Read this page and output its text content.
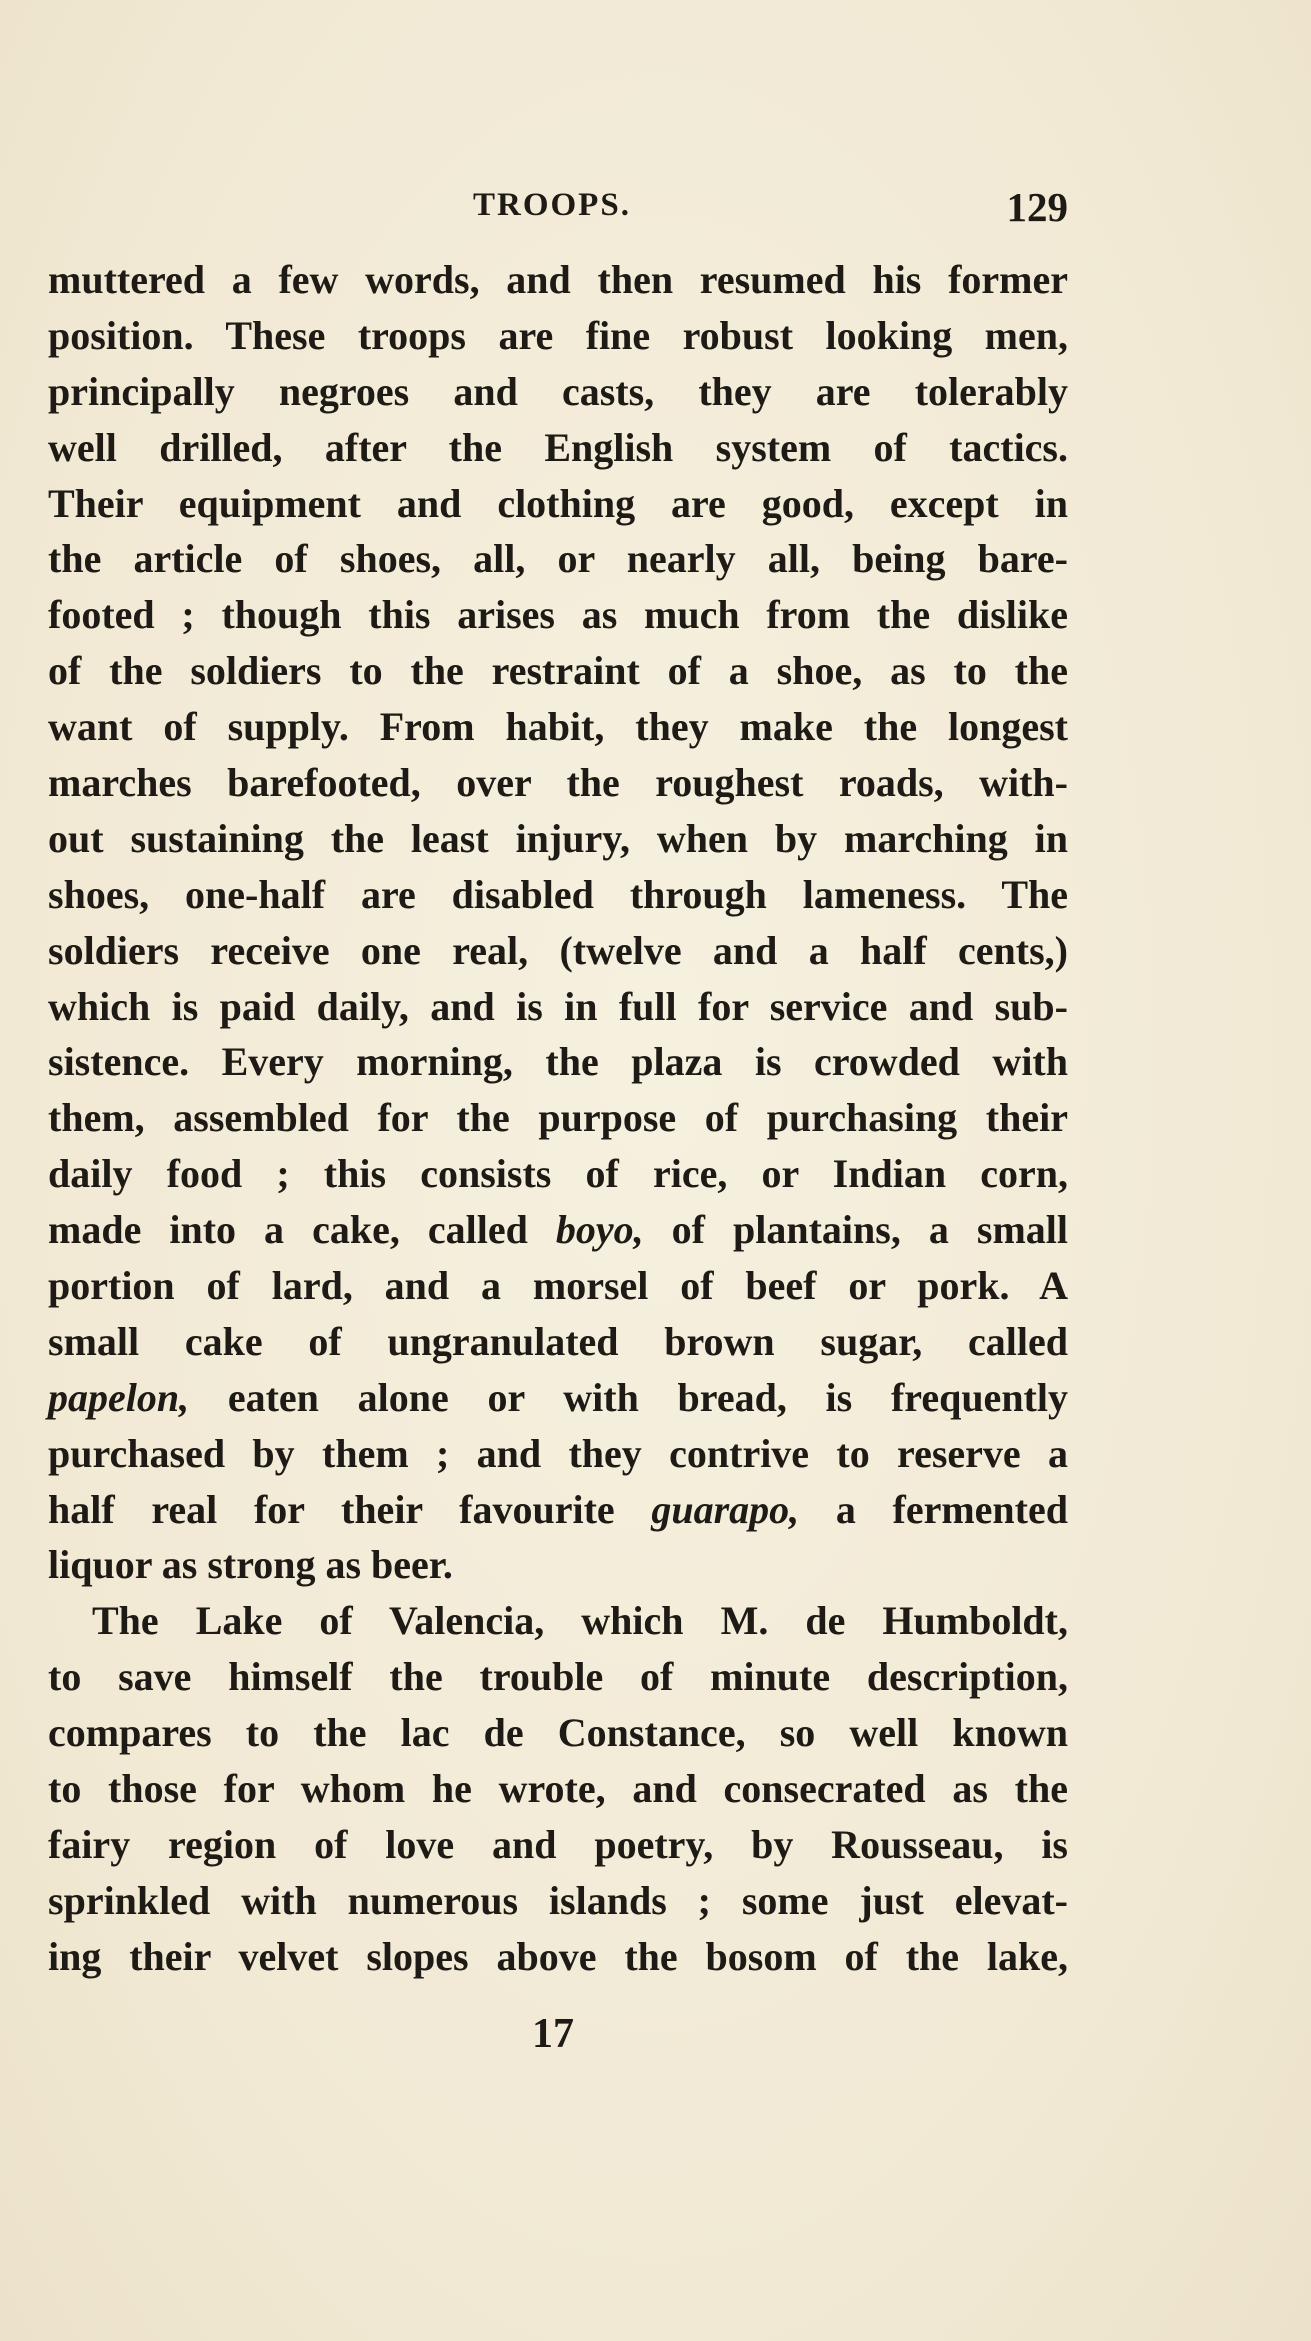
TROOPS.	129
muttered a few words, and then resumed his former
position. These troops are fine robust looking men,
principally negroes and casts, they are tolerably
well drilled, after the English system of tactics.
Their equipment and clothing are good, except in
the article of shoes, all, or nearly all, being bare-
footed ; though this arises as much from the dislike
of the soldiers to the restraint of a shoe, as to the
want of supply. From habit, they make the longest
marches barefooted, over the roughest roads, with-
out sustaining the least injury, when by marching in
shoes, one-half are disabled through lameness. The
soldiers receive one real, (twelve and a half cents,)
which is paid daily, and is in full for service and sub-
sistence. Every morning, the plaza is crowded with
them, assembled for the purpose of purchasing their
daily food ; this consists of rice, or Indian corn,
made into a cake, called boyo, of plantains, a small
portion of lard, and a morsel of beef or pork. A
small cake of ungranulated brown sugar, called
papelon, eaten alone or with bread, is frequently
purchased by them ; and they contrive to reserve a
half real for their favourite guarapo, a fermented
liquor as strong as beer.
The Lake of Valencia, which M. de Humboldt,
to save himself the trouble of minute description,
compares to the lac de Constance, so well known
to those for whom he wrote, and consecrated as the
fairy region of love and poetry, by Rousseau, is
sprinkled with numerous islands ; some just elevat-
ing their velvet slopes above the bosom of the lake,
17
